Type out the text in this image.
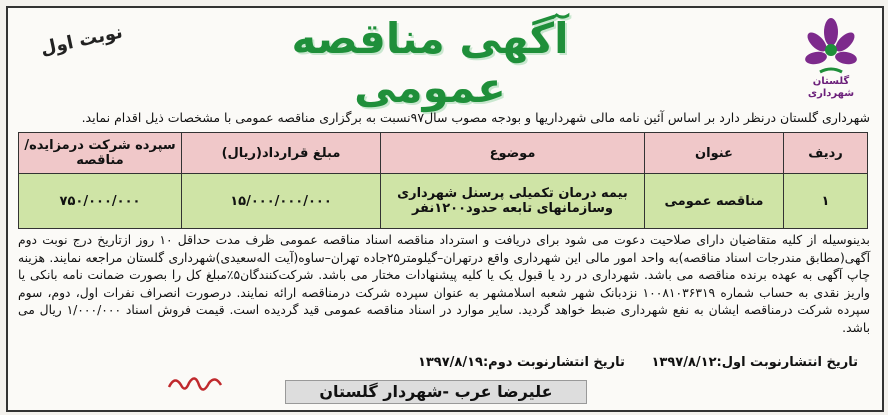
گلستان
شهرداری
آگهی مناقصه عمومی
نوبت اول
شهرداری گلستان درنظر دارد بر اساس آئین نامه مالی شهرداریها و بودجه مصوب سال۹۷نسبت به برگزاری مناقصه عمومی با مشخصات ذیل اقدام نماید.
ردیف	عنوان	موضوع	مبلغ قرارداد(ریال)	سپرده شرکت درمزایده/ مناقصه
۱	مناقصه عمومی	بیمه درمان تکمیلی پرسنل شهرداری وسازمانهای تابعه حدود۱۲۰۰نفر	۱۵/۰۰۰/۰۰۰/۰۰۰	۷۵۰/۰۰۰/۰۰۰
بدینوسیله از کلیه متقاضیان دارای صلاحیت دعوت می شود برای دریافت و استرداد مناقصه اسناد مناقصه عمومی ظرف مدت حداقل ۱۰ روز ازتاریخ درج نوبت دوم آگهی(مطابق مندرجات اسناد مناقصه)به واحد امور مالی این شهرداری واقع درتهران–گیلومتر۲۵جاده تهران–ساوه(آیت اله‌سعیدی)شهرداری گلستان مراجعه نمایند. هزینه چاپ آگهی به عهده برنده مناقصه می باشد. شهرداری در رد یا قبول یک یا کلیه پیشنهادات مختار می باشد. شرکت‌کنندگان۵٪مبلغ کل را بصورت ضمانت نامه بانکی یا واریز نقدی به حساب شماره ۱۰۰۸۱۰۳۶۳۱۹ نزدبانک شهر شعبه اسلامشهر به عنوان سپرده شرکت درمناقصه ارائه نمایند. درصورت انصراف نفرات اول، دوم، سوم سپرده شرکت درمناقصه ایشان به نفع شهرداری ضبط خواهد گردید. سایر موارد در اسناد مناقصه عمومی قید گردیده است. قیمت فروش اسناد ۱/۰۰۰/۰۰۰ ریال می باشد.
تاریخ انتشارنوبت اول:۱۳۹۷/۸/۱۲ تاریخ انتشارنوبت دوم:۱۳۹۷/۸/۱۹
علیرضا عرب -شهردار گلستان
